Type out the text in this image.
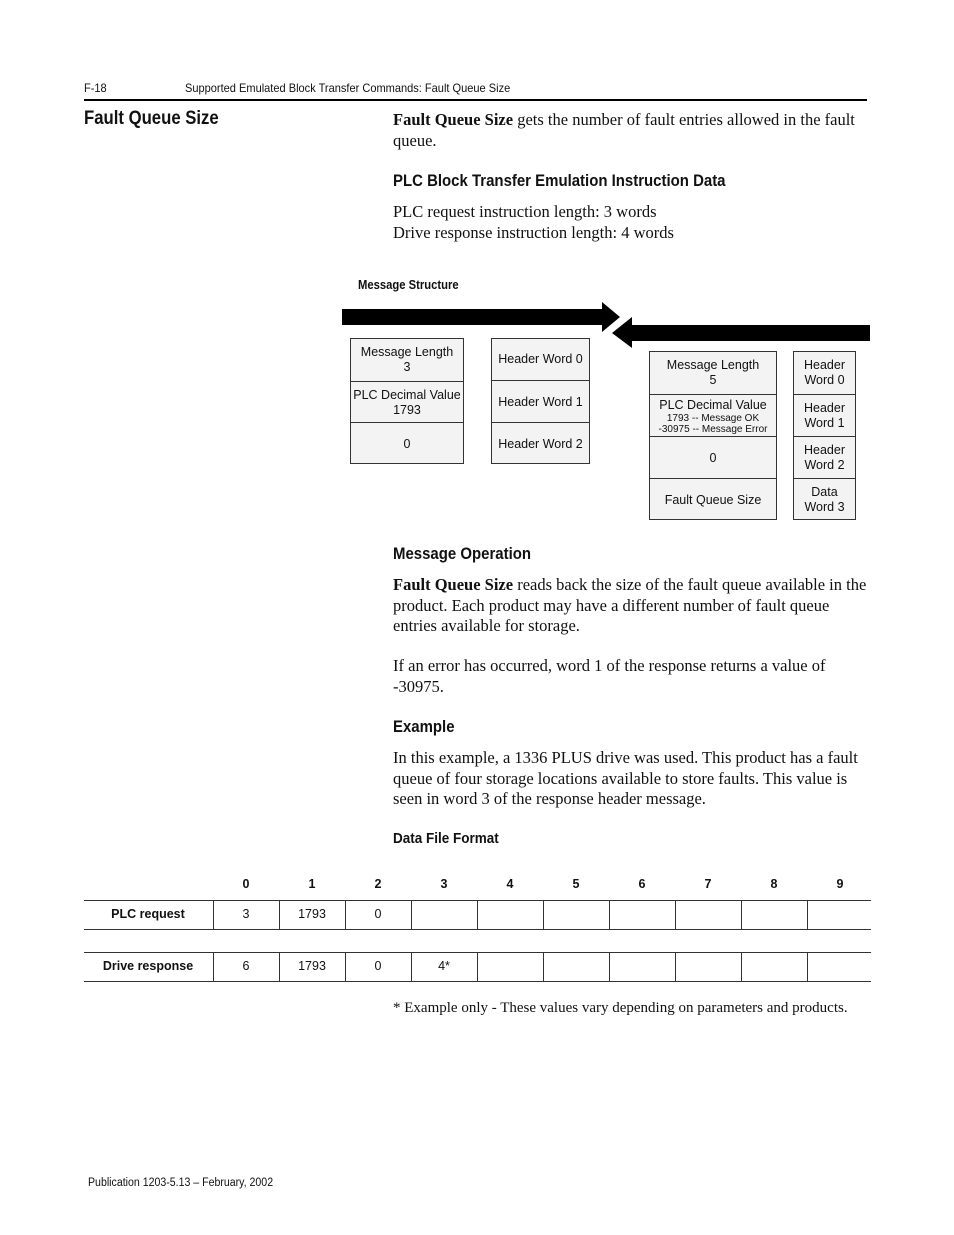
F-18	Supported Emulated Block Transfer Commands: Fault Queue Size
Fault Queue Size	Fault Queue Size gets the number of fault entries allowed in the fault queue.
PLC Block Transfer Emulation Instruction Data
PLC request instruction length: 3 words
Drive response instruction length: 4 words
Message Structure
Message Length
3
PLC Decimal Value
1793
0
Header Word 0
Header Word 1
Header Word 2
Message Length
5
PLC Decimal Value
1793 -- Message OK
-30975 -- Message Error
0
Fault Queue Size
Header
Word 0
Header
Word 1
Header
Word 2
Data
Word 3
Message Operation
Fault Queue Size reads back the size of the fault queue available in the product. Each product may have a different number of fault queue entries available for storage.
If an error has occurred, word 1 of the response returns a value of -30975.
Example
In this example, a 1336 PLUS drive was used. This product has a fault queue of four storage locations available to store faults. This value is seen in word 3 of the response header message.
Data File Format
0	1	2	3	4	5	6	7	8	9
PLC request	3	1793	0
Drive response	6	1793	0	4*
* Example only - These values vary depending on parameters and products.
Publication 1203-5.13 – February, 2002
